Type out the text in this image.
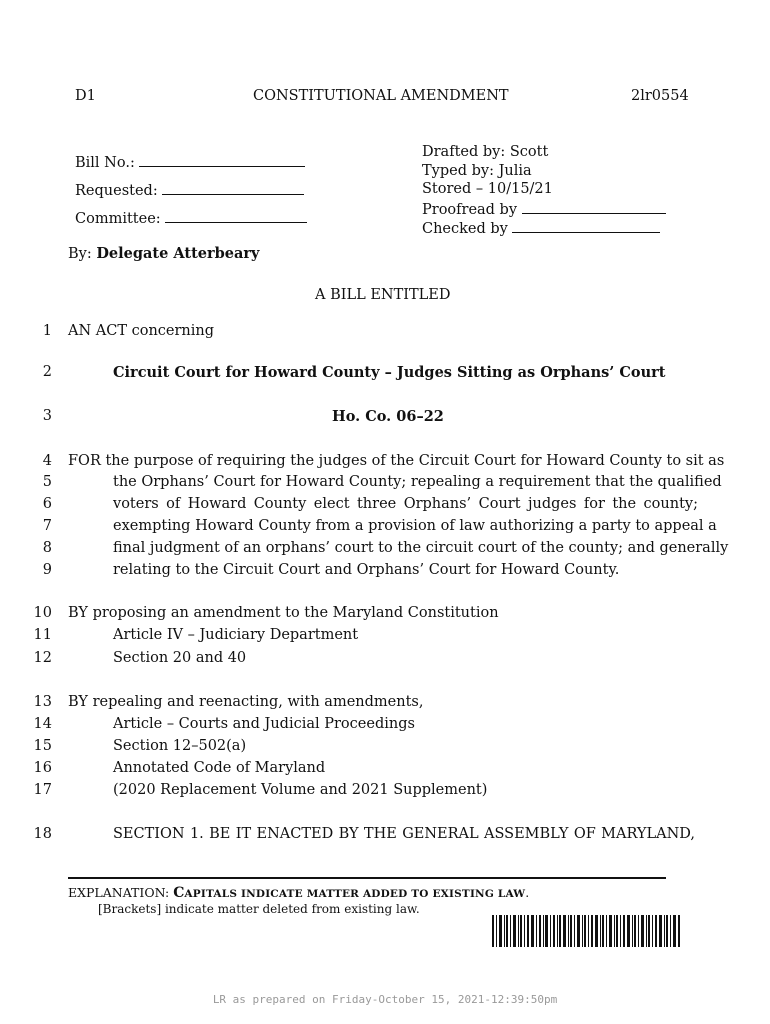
D1	CONSTITUTIONAL AMENDMENT	2lr0554
Bill No.:
Requested:
Committee:
Drafted by: Scott
Typed by: Julia
Stored – 10/15/21
Proofread by
Checked by
By: Delegate Atterbeary
A BILL ENTITLED
1
2
3
4
5
6
7
8
9
10
11
12
13
14
15
16
17
18
AN ACT concerning
Circuit Court for Howard County – Judges Sitting as Orphans’ Court
Ho. Co. 06–22
FOR the purpose of requiring the judges of the Circuit Court for Howard County to sit as
the Orphans’ Court for Howard County; repealing a requirement that the qualified
voters of Howard County elect three Orphans’ Court judges for the county;
exempting Howard County from a provision of law authorizing a party to appeal a
final judgment of an orphans’ court to the circuit court of the county; and generally
relating to the Circuit Court and Orphans’ Court for Howard County.
BY proposing an amendment to the Maryland Constitution
Article IV – Judiciary Department
Section 20 and 40
BY repealing and reenacting, with amendments,
Article – Courts and Judicial Proceedings
Section 12–502(a)
Annotated Code of Maryland
(2020 Replacement Volume and 2021 Supplement)
SECTION 1. BE IT ENACTED BY THE GENERAL ASSEMBLY OF MARYLAND,
EXPLANATION: CAPITALS INDICATE MATTER ADDED TO EXISTING LAW.
[Brackets] indicate matter deleted from existing law.
LR as prepared on Friday-October 15, 2021-12:39:50pm
